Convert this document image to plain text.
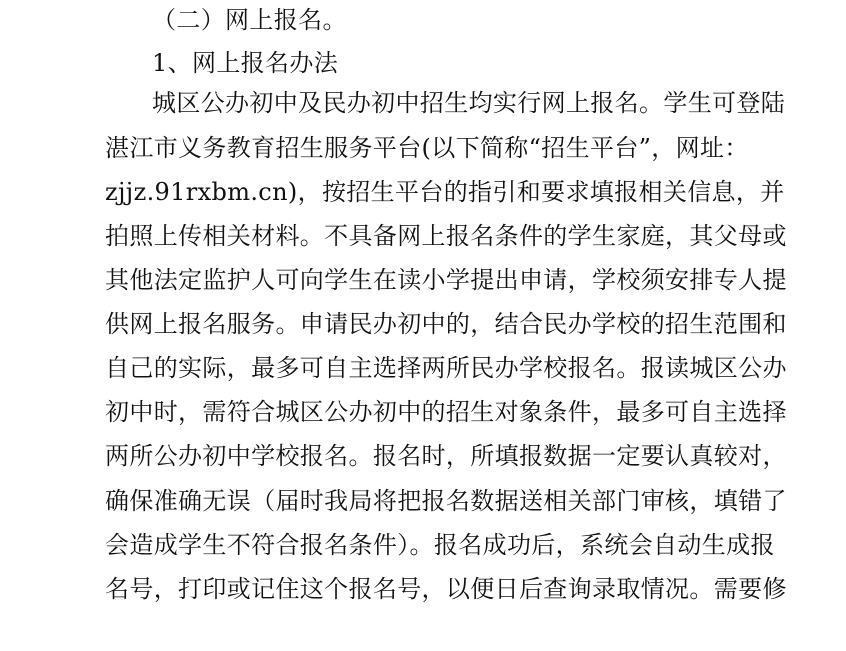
（二）网上报名。
1、网上报名办法
城区公办初中及民办初中招生均实行网上报名。学生可登陆
湛江市义务教育招生服务平台(以下简称“招生平台”，网址：
zjjz.91rxbm.cn)，按招生平台的指引和要求填报相关信息，并
拍照上传相关材料。不具备网上报名条件的学生家庭，其父母或
其他法定监护人可向学生在读小学提出申请，学校须安排专人提
供网上报名服务。申请民办初中的，结合民办学校的招生范围和
自己的实际，最多可自主选择两所民办学校报名。报读城区公办
初中时，需符合城区公办初中的招生对象条件，最多可自主选择
两所公办初中学校报名。报名时，所填报数据一定要认真较对，
确保准确无误（届时我局将把报名数据送相关部门审核，填错了
会造成学生不符合报名条件）。报名成功后，系统会自动生成报
名号，打印或记住这个报名号，以便日后查询录取情况。需要修
